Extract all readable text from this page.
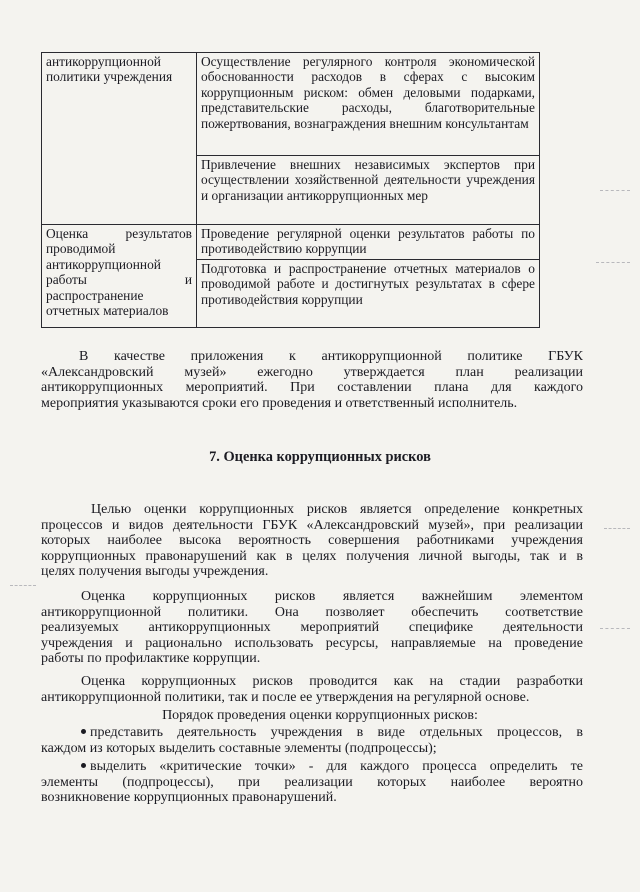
антикоррупционной политики учреждения	Осуществление регулярного контроля экономической обоснованности расходов в сферах с высоким коррупционным риском: обмен деловыми подарками, представительские расходы, благотворительные пожертвования, вознаграждения внешним консультантам
	Привлечение внешних независимых экспертов при осуществлении хозяйственной деятельности учреждения и организации антикоррупционных мер
Оценка результатов проводимой антикоррупционной работы и распространение отчетных материалов	Проведение регулярной оценки результатов работы по противодействию коррупции
	Подготовка и распространение отчетных материалов о проводимой работе и достигнутых результатах в сфере противодействия коррупции
В качестве приложения к антикоррупционной политике ГБУК
«Александровский музей» ежегодно утверждается план реализации
антикоррупционных мероприятий. При составлении плана для каждого
мероприятия указываются сроки его проведения и ответственный исполнитель.
7. Оценка коррупционных рисков
Целью оценки коррупционных рисков является определение конкретных
процессов и видов деятельности ГБУК «Александровский музей», при реализации
которых наиболее высока вероятность совершения работниками учреждения
коррупционных правонарушений как в целях получения личной выгоды, так и в
целях получения выгоды учреждения.
Оценка коррупционных рисков является важнейшим элементом
антикоррупционной политики. Она позволяет обеспечить соответствие
реализуемых антикоррупционных мероприятий специфике деятельности
учреждения и рационально использовать ресурсы, направляемые на проведение
работы по профилактике коррупции.
Оценка коррупционных рисков проводится как на стадии разработки
антикоррупционной политики, так и после ее утверждения на регулярной основе.
Порядок проведения оценки коррупционных рисков:
представить деятельность учреждения в виде отдельных процессов, в
каждом из которых выделить составные элементы (подпроцессы);
выделить «критические точки» - для каждого процесса определить те
элементы (подпроцессы), при реализации которых наиболее вероятно
возникновение коррупционных правонарушений.
